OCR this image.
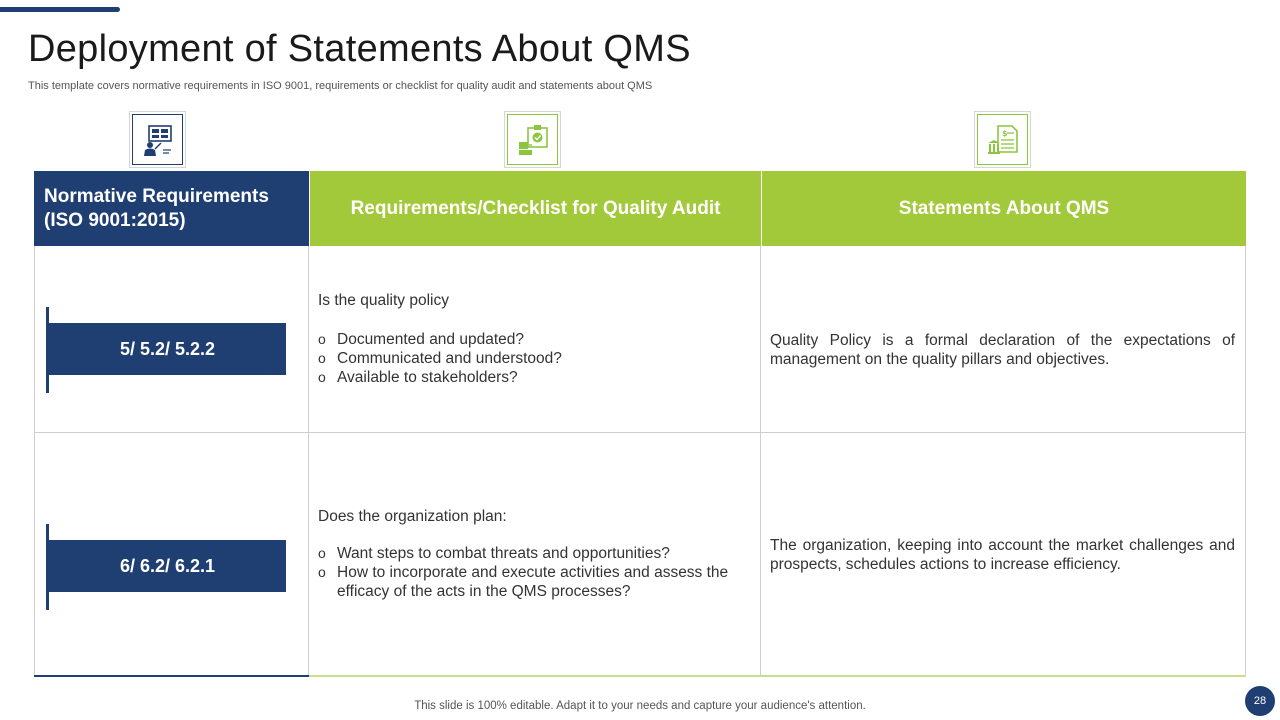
Deployment of Statements About QMS
This template covers normative requirements in ISO 9001, requirements or checklist for quality audit and statements about QMS
$
Normative Requirements
(ISO 9001:2015)
Requirements/Checklist for Quality Audit	Statements About QMS
5/ 5.2/ 5.2.2
Is the quality policy
o Documented and updated?
o Communicated and understood?
o Available to stakeholders?
Quality Policy is a formal declaration of the expectations of management on the quality pillars and objectives.
6/ 6.2/ 6.2.1
Does the organization plan:
o Want steps to combat threats and opportunities?
o How to incorporate and execute activities and assess the efficacy of the acts in the QMS processes?
The organization, keeping into account the market challenges and prospects, schedules actions to increase efficiency.
This slide is 100% editable. Adapt it to your needs and capture your audience's attention.	28
